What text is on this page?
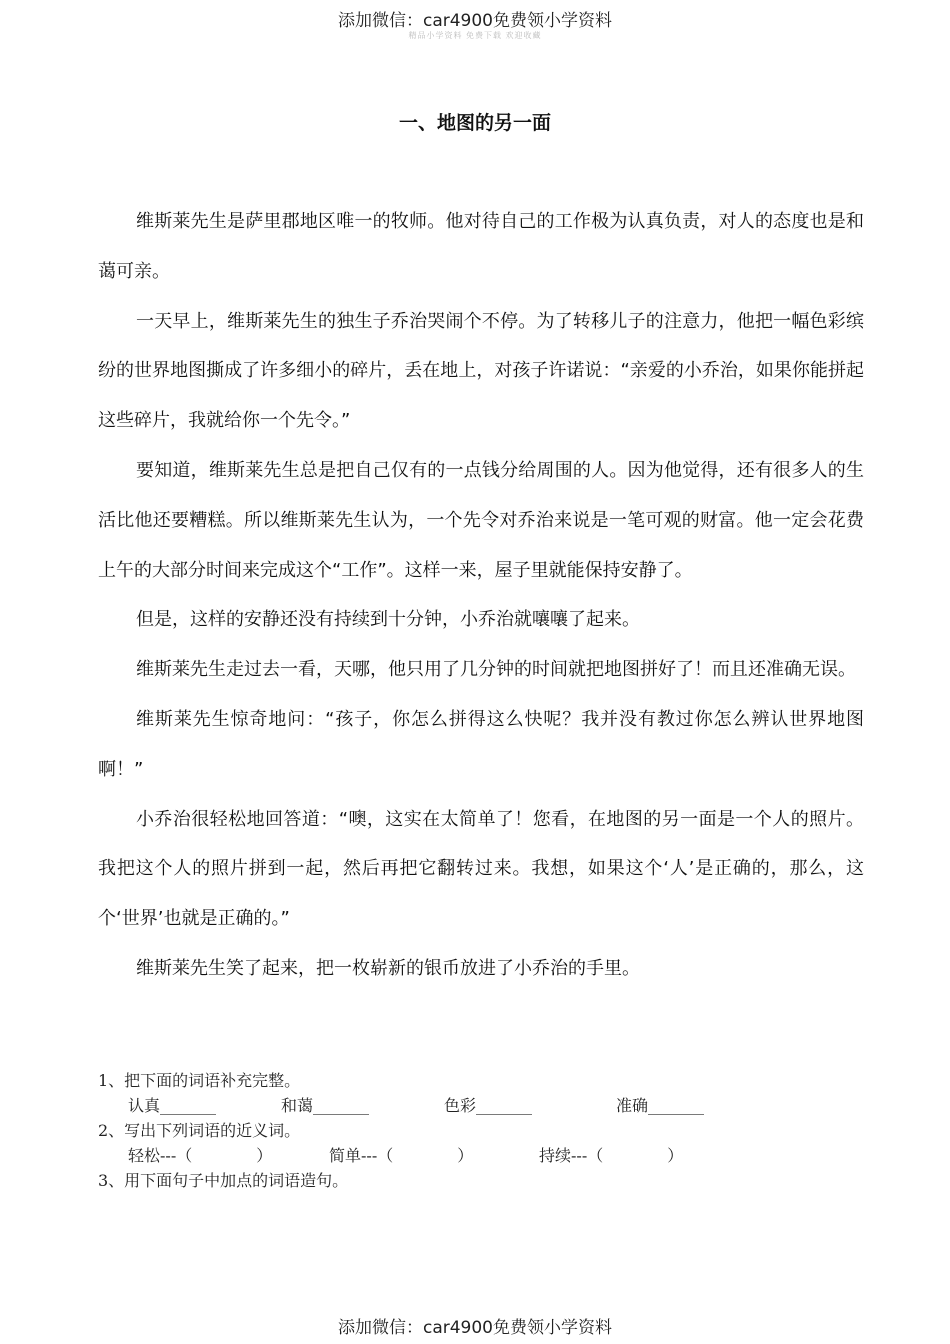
添加微信：car4900免费领小学资料
精品小学资料 免费下载 欢迎收藏
一、地图的另一面

维斯莱先生是萨里郡地区唯一的牧师。他对待自己的工作极为认真负责，对人的态度也是和蔼可亲。

一天早上，维斯莱先生的独生子乔治哭闹个不停。为了转移儿子的注意力，他把一幅色彩缤纷的世界地图撕成了许多细小的碎片，丢在地上，对孩子许诺说：“亲爱的小乔治，如果你能拼起这些碎片，我就给你一个先令。”

要知道，维斯莱先生总是把自己仅有的一点钱分给周围的人。因为他觉得，还有很多人的生活比他还要糟糕。所以维斯莱先生认为，一个先令对乔治来说是一笔可观的财富。他一定会花费上午的大部分时间来完成这个“工作”。这样一来，屋子里就能保持安静了。

但是，这样的安静还没有持续到十分钟，小乔治就嚷嚷了起来。

维斯莱先生走过去一看，天哪，他只用了几分钟的时间就把地图拼好了！而且还准确无误。

维斯莱先生惊奇地问：“孩子，你怎么拼得这么快呢？我并没有教过你怎么辨认世界地图啊！”

小乔治很轻松地回答道：“噢，这实在太简单了！您看，在地图的另一面是一个人的照片。我把这个人的照片拼到一起，然后再把它翻转过来。我想，如果这个‘人’是正确的，那么，这个‘世界’也就是正确的。”

维斯莱先生笑了起来，把一枚崭新的银币放进了小乔治的手里。

1、把下面的词语补充完整。
认真_______	和蔼_______	色彩_______	准确_______
2、写出下列词语的近义词。
轻松---（　　　　）	简单---（　　　　）	持续---（　　　　）
3、用下面句子中加点的词语造句。
添加微信：car4900免费领小学资料
